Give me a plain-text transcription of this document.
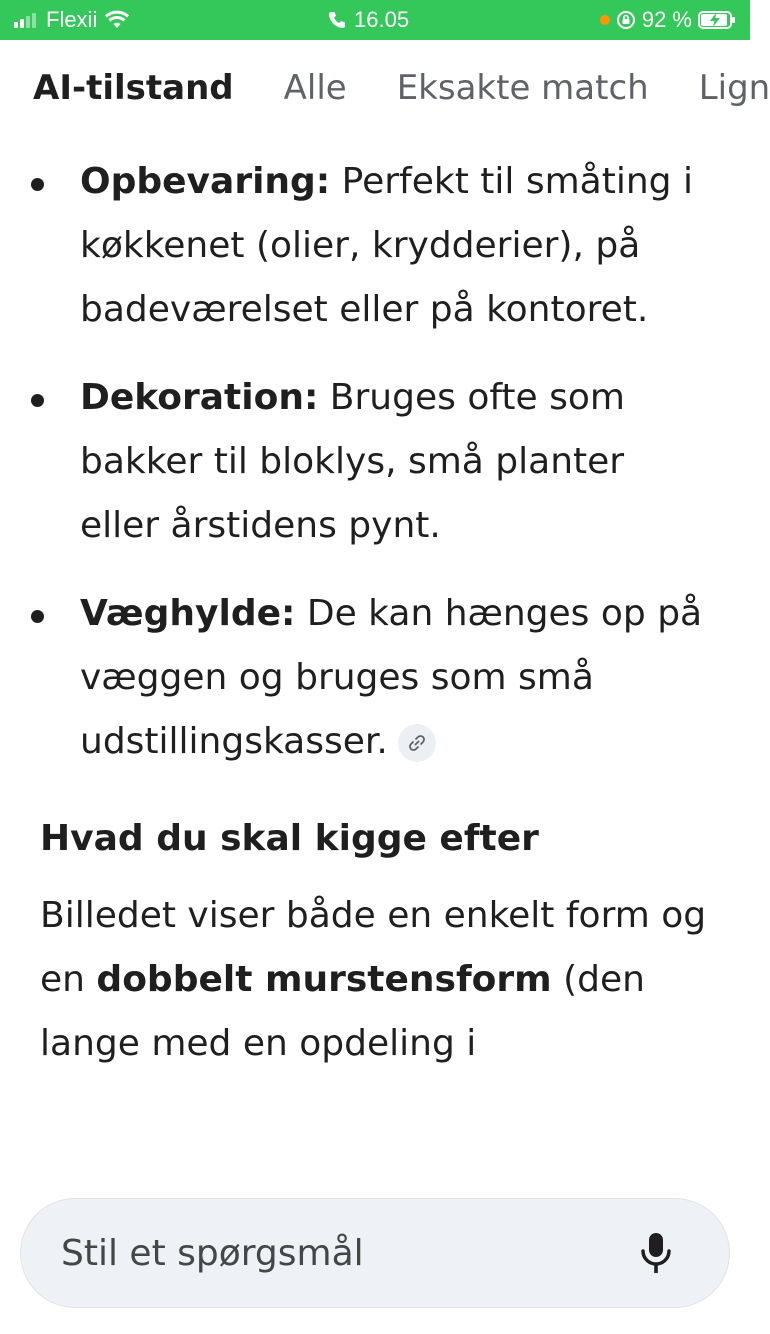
Flexii	16.05	92 %
AI-tilstand Alle Eksakte match Lign
Opbevaring: Perfekt til småting i køkkenet (olier, krydderier), på badeværelset eller på kontoret.
Dekoration: Bruges ofte som bakker til bloklys, små planter eller årstidens pynt.
Væghylde: De kan hænges op på væggen og bruges som små udstillingskasser.
Hvad du skal kigge efter
Billedet viser både en enkelt form og en dobbelt murstensform (den lange med en opdeling i
Stil et spørgsmål
